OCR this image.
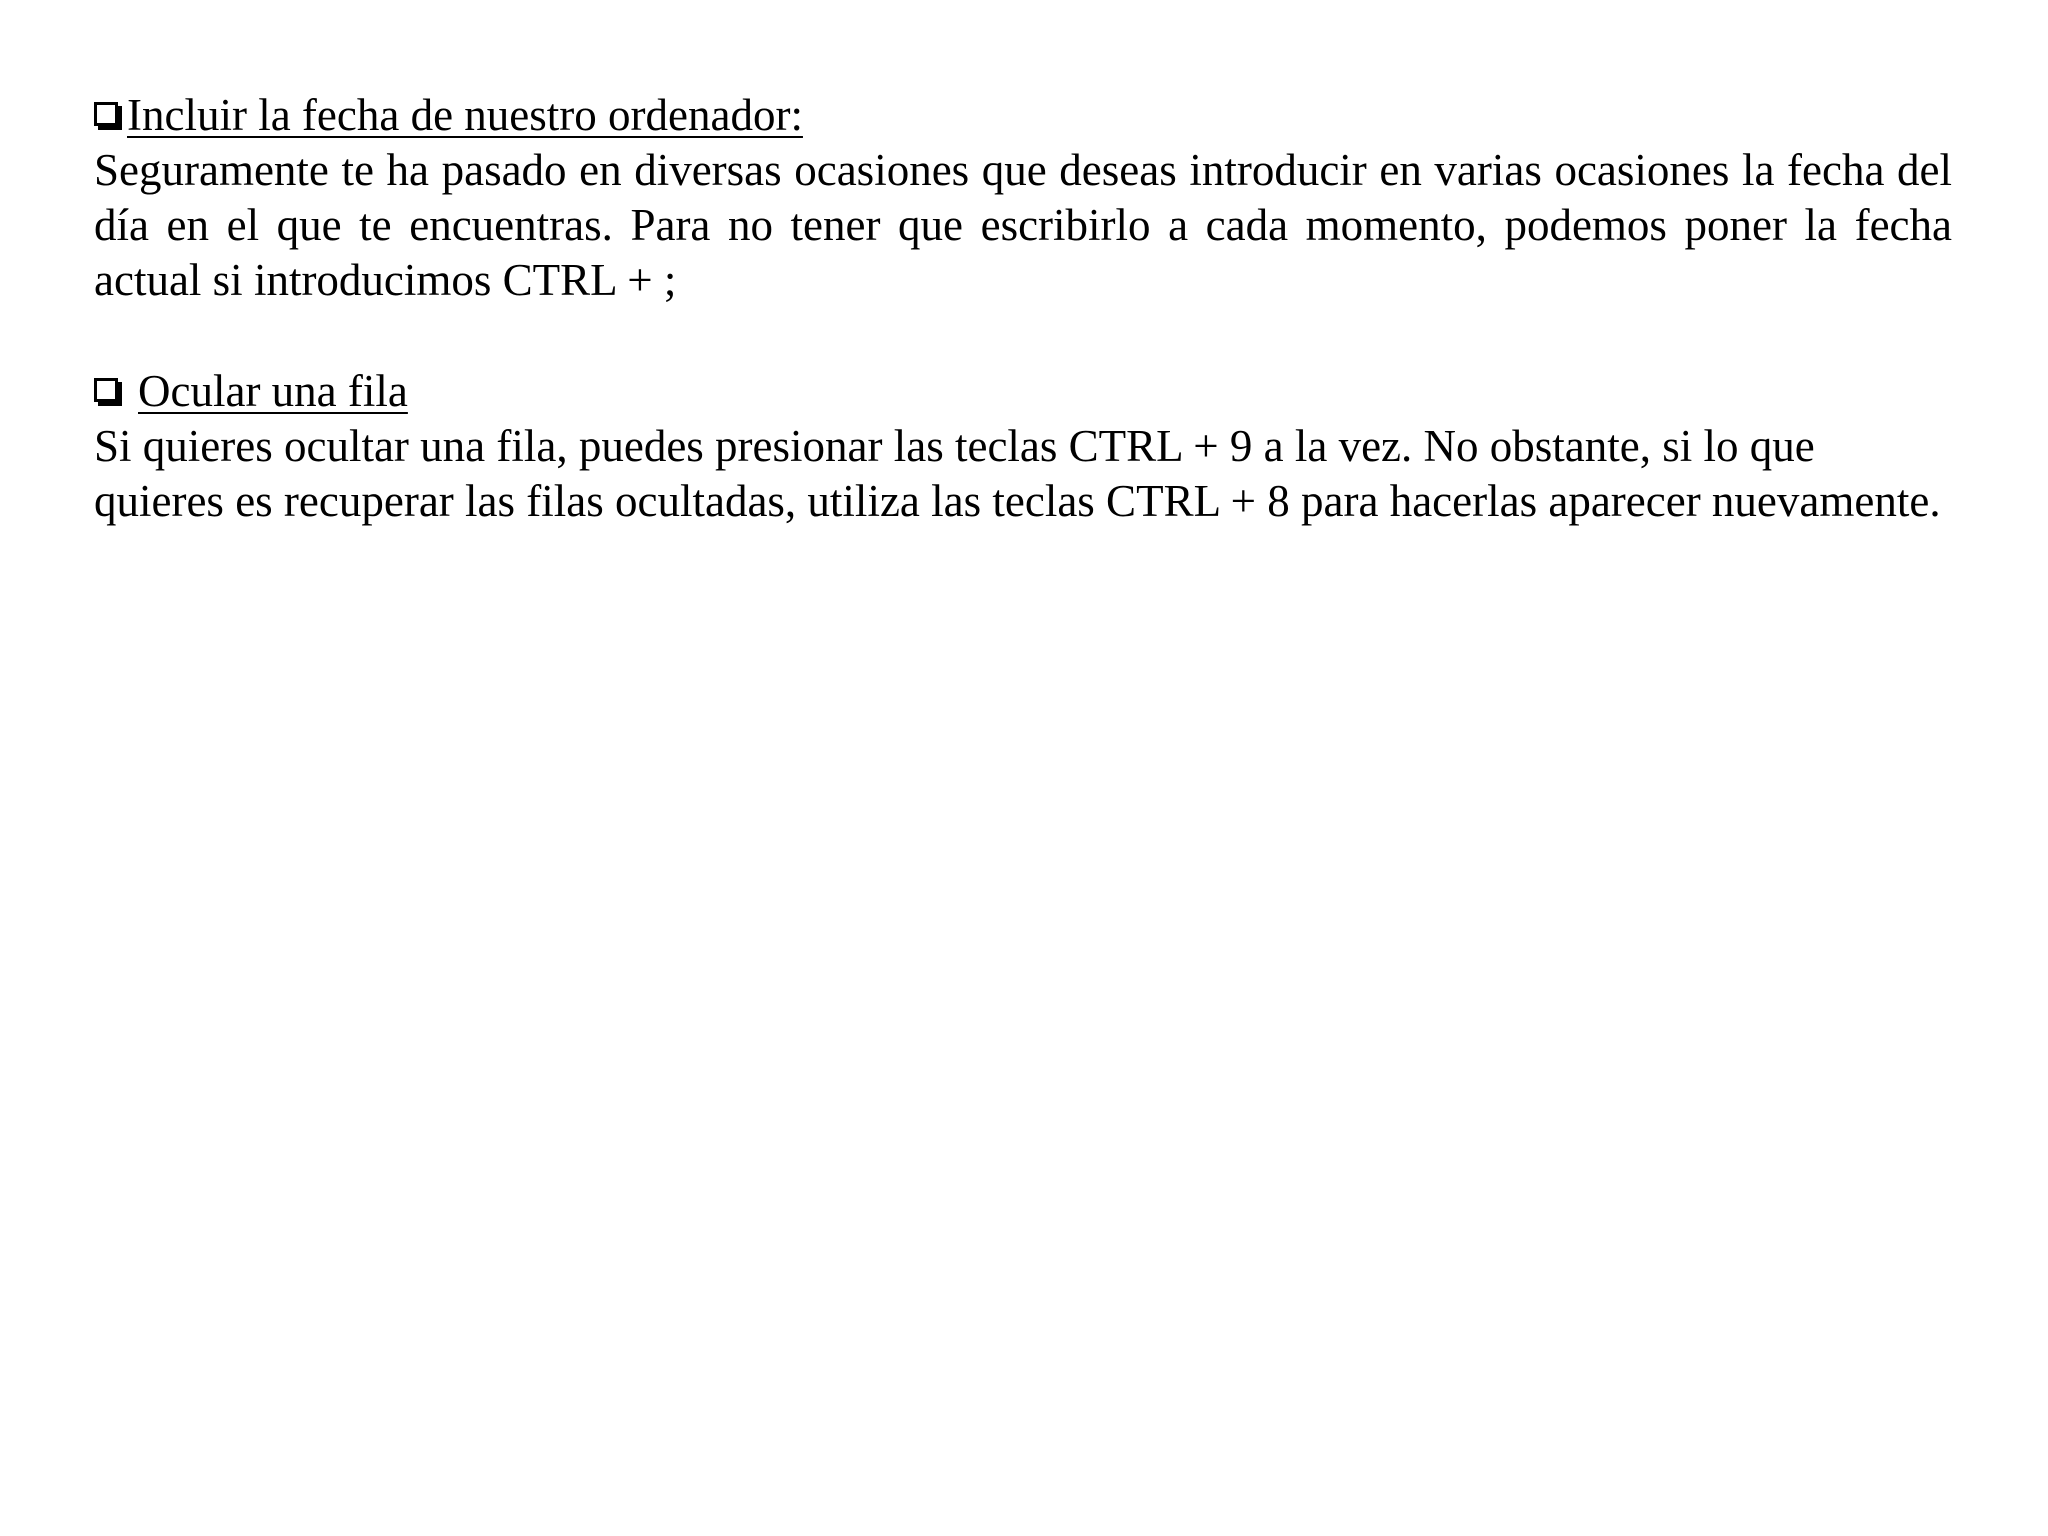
Incluir la fecha de nuestro ordenador:

Seguramente te ha pasado en diversas ocasiones que deseas introducir en varias ocasiones la fecha del día en el que te encuentras. Para no tener que escribirlo a cada momento, podemos poner la fecha actual si introducimos CTRL + ;

Ocular una fila

Si quieres ocultar una fila, puedes presionar las teclas CTRL + 9 a la vez. No obstante, si lo que quieres es recuperar las filas ocultadas, utiliza las teclas CTRL + 8 para hacerlas aparecer nuevamente.
